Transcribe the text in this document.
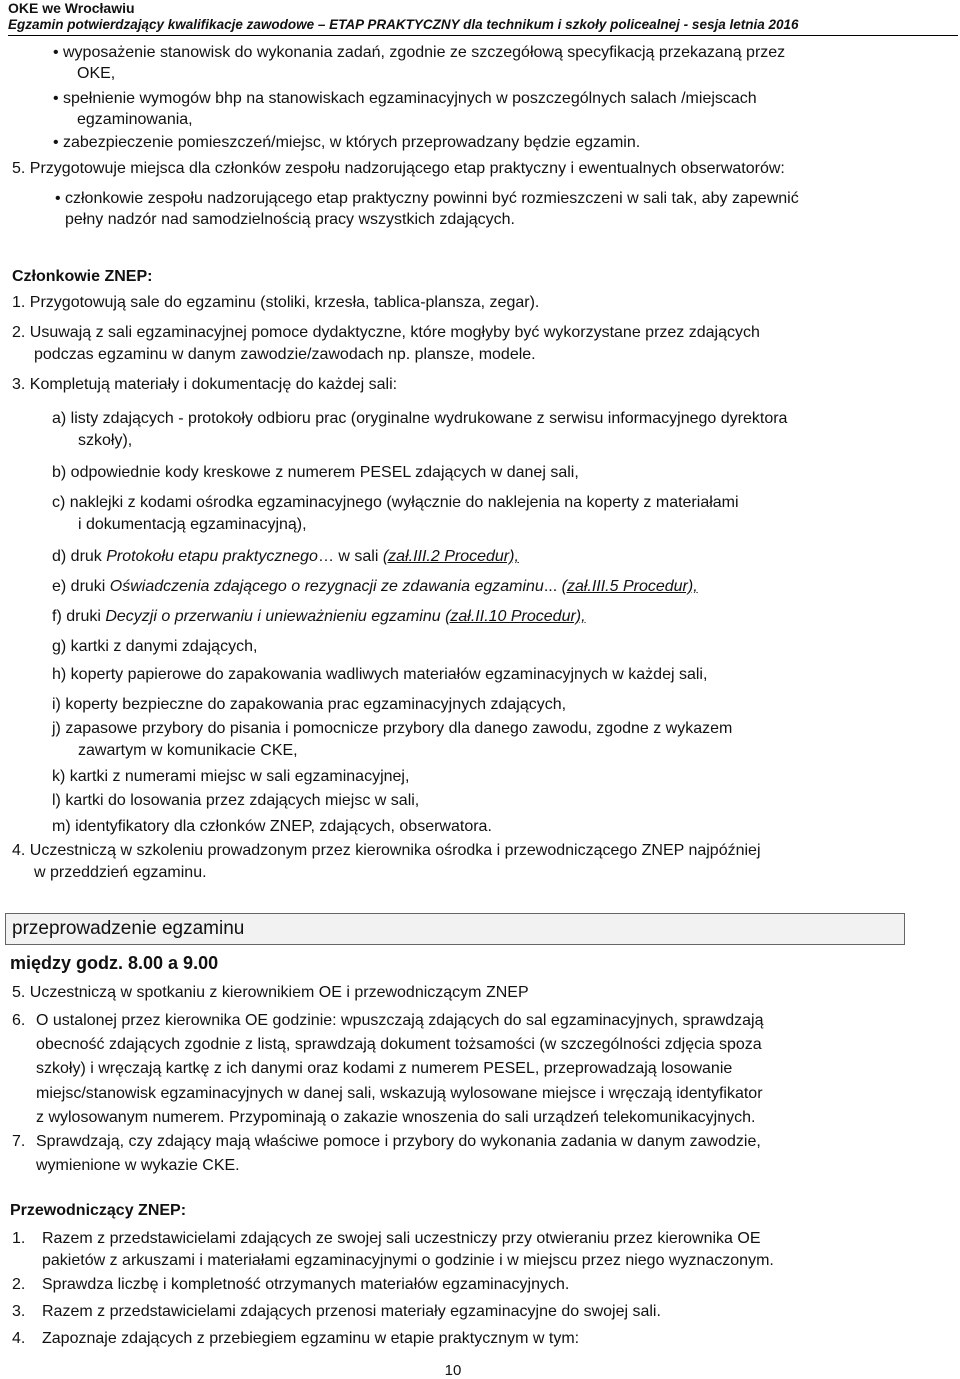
OKE we Wrocławiu
Egzamin potwierdzający kwalifikacje zawodowe – ETAP PRAKTYCZNY dla technikum i szkoły policealnej - sesja letnia 2016
• wyposażenie stanowisk do wykonania zadań, zgodnie ze szczegółową specyfikacją przekazaną przez
OKE,
• spełnienie wymogów bhp na stanowiskach egzaminacyjnych w poszczególnych salach /miejscach
egzaminowania,
• zabezpieczenie pomieszczeń/miejsc, w których przeprowadzany będzie egzamin.
5. Przygotowuje miejsca dla członków zespołu nadzorującego etap praktyczny i ewentualnych obserwatorów:
• członkowie zespołu nadzorującego etap praktyczny powinni być rozmieszczeni w sali tak, aby zapewnić
pełny nadzór nad samodzielnością pracy wszystkich zdających.
Członkowie ZNEP:
1. Przygotowują sale do egzaminu (stoliki, krzesła, tablica-plansza, zegar).
2. Usuwają z sali egzaminacyjnej pomoce dydaktyczne, które mogłyby być wykorzystane przez zdających
podczas egzaminu w danym zawodzie/zawodach np. plansze, modele.
3. Kompletują materiały i dokumentację do każdej sali:
a) listy zdających - protokoły odbioru prac (oryginalne wydrukowane z serwisu informacyjnego dyrektora
szkoły),
b) odpowiednie kody kreskowe z numerem PESEL zdających w danej sali,
c) naklejki z kodami ośrodka egzaminacyjnego (wyłącznie do naklejenia na koperty z materiałami
i dokumentacją egzaminacyjną),
d) druk Protokołu etapu praktycznego… w sali (zał.III.2 Procedur),
e) druki Oświadczenia zdającego o rezygnacji ze zdawania egzaminu... (zał.III.5 Procedur),
f) druki Decyzji o przerwaniu i unieważnieniu egzaminu (zał.II.10 Procedur),
g) kartki z danymi zdających,
h) koperty papierowe do zapakowania wadliwych materiałów egzaminacyjnych w każdej sali,
i) koperty bezpieczne do zapakowania prac egzaminacyjnych zdających,
j) zapasowe przybory do pisania i pomocnicze przybory dla danego zawodu, zgodne z wykazem
zawartym w komunikacie CKE,
k) kartki z numerami miejsc w sali egzaminacyjnej,
l) kartki do losowania przez zdających miejsc w sali,
m) identyfikatory dla członków ZNEP, zdających, obserwatora.
4. Uczestniczą w szkoleniu prowadzonym przez kierownika ośrodka i przewodniczącego ZNEP najpóźniej
w przeddzień egzaminu.
przeprowadzenie egzaminu
między godz. 8.00 a 9.00
5. Uczestniczą w spotkaniu z kierownikiem OE i przewodniczącym ZNEP
6. O ustalonej przez kierownika OE godzinie: wpuszczają zdających do sal egzaminacyjnych, sprawdzają
obecność zdających zgodnie z listą, sprawdzają dokument tożsamości (w szczególności zdjęcia spoza
szkoły) i wręczają kartkę z ich danymi oraz kodami z numerem PESEL, przeprowadzają losowanie
miejsc/stanowisk egzaminacyjnych w danej sali, wskazują wylosowane miejsce i wręczają identyfikator
z wylosowanym numerem. Przypominają o zakazie wnoszenia do sali urządzeń telekomunikacyjnych.
7. Sprawdzają, czy zdający mają właściwe pomoce i przybory do wykonania zadania w danym zawodzie,
wymienione w wykazie CKE.
Przewodniczący ZNEP:
1. Razem z przedstawicielami zdających ze swojej sali uczestniczy przy otwieraniu przez kierownika OE
pakietów z arkuszami i materiałami egzaminacyjnymi o godzinie i w miejscu przez niego wyznaczonym.
2.	Sprawdza liczbę i kompletność otrzymanych materiałów egzaminacyjnych.
3.	Razem z przedstawicielami zdających przenosi materiały egzaminacyjne do swojej sali.
4.	Zapoznaje zdających z przebiegiem egzaminu w etapie praktycznym w tym:
10
